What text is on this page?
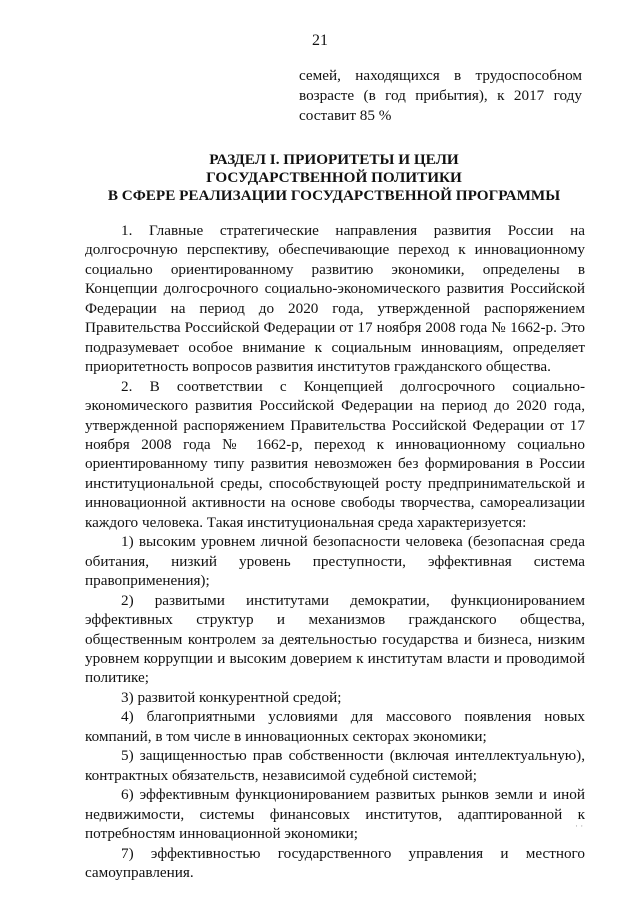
21
семей, находящихся в трудоспособном возрасте (в год прибытия), к 2017 году составит 85 %
РАЗДЕЛ I. ПРИОРИТЕТЫ И ЦЕЛИ
ГОСУДАРСТВЕННОЙ ПОЛИТИКИ
В СФЕРЕ РЕАЛИЗАЦИИ ГОСУДАРСТВЕННОЙ ПРОГРАММЫ

1. Главные стратегические направления развития России на долгосрочную перспективу, обеспечивающие переход к инновационному социально ориентированному развитию экономики, определены в Концепции долгосрочного социально-экономического развития Российской Федерации на период до 2020 года, утвержденной распоряжением Правительства Российской Федерации от 17 ноября 2008 года № 1662-р. Это подразумевает особое внимание к социальным инновациям, определяет приоритетность вопросов развития институтов гражданского общества.

2. В соответствии с Концепцией долгосрочного социально-экономического развития Российской Федерации на период до 2020 года, утвержденной распоряжением Правительства Российской Федерации от 17 ноября 2008 года № 1662-р, переход к инновационному социально ориентированному типу развития невозможен без формирования в России институциональной среды, способствующей росту предпринимательской и инновационной активности на основе свободы творчества, самореализации каждого человека. Такая институциональная среда характеризуется:

1) высоким уровнем личной безопасности человека (безопасная среда обитания, низкий уровень преступности, эффективная система правоприменения);

2) развитыми институтами демократии, функционированием эффективных структур и механизмов гражданского общества, общественным контролем за деятельностью государства и бизнеса, низким уровнем коррупции и высоким доверием к институтам власти и проводимой политике;

3) развитой конкурентной средой;

4) благоприятными условиями для массового появления новых компаний, в том числе в инновационных секторах экономики;

5) защищенностью прав собственности (включая интеллектуальную), контрактных обязательств, независимой судебной системой;

6) эффективным функционированием развитых рынков земли и иной недвижимости, системы финансовых институтов, адаптированной к потребностям инновационной экономики;

7) эффективностью государственного управления и местного самоуправления.

· ·
